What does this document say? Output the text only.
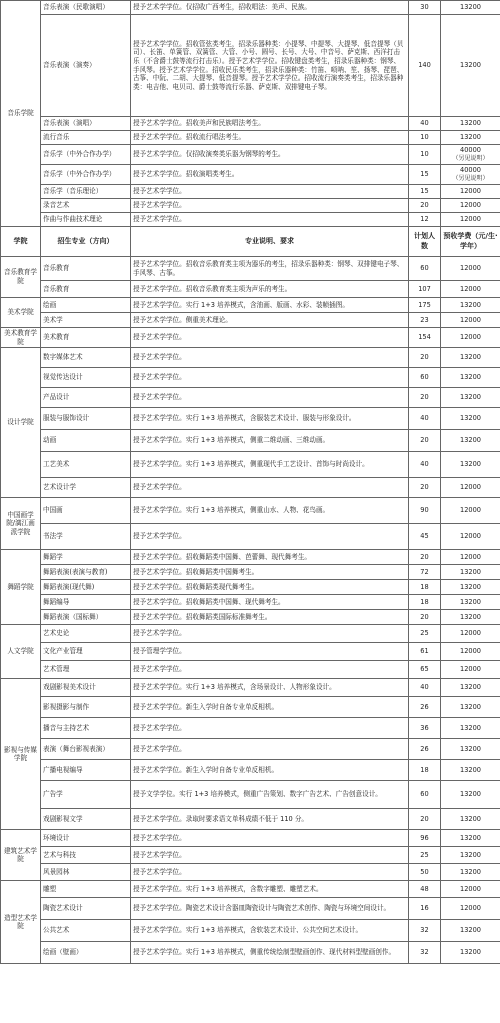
音乐学院	音乐表演（民歌演唱）	授予艺术学学位。仅招收广西考生，招收唱法：美声、民族。	30	13200

	音乐表演（演奏）	授予艺术学学位。招收管弦类考生，招录乐器种类：小提琴、中提琴、大提琴、低音提琴（贝司）、长笛、单簧管、双簧管、大管、小号、圆号、长号、大号、中音号、萨克斯、西洋打击乐（不含爵士鼓等流行打击乐）。授予艺术学学位。招收键盘类考生，招录乐器种类：钢琴、手风琴。授予艺术学学位。招收民乐类考生，招录乐器种类：竹笛、唢呐、笙、扬琴、琵琶、古筝、中阮、二胡、大提琴、低音提琴。授予艺术学学位。招收流行演奏类考生，招录乐器种类：电吉他、电贝司、爵士鼓等流行乐器、萨克斯、双排键电子琴。	140	13200

	音乐表演（演唱）	授予艺术学学位。招收美声和民族唱法考生。	40	13200

	流行音乐	授予艺术学学位。招收流行唱法考生。	10	13200

	音乐学（中外合作办学）	授予艺术学学位。仅招收演奏类乐器为钢琴的考生。	10	40000
（另见说明）

	音乐学（中外合作办学）	授予艺术学学位。招收演唱类考生。	15	40000
（另见说明）

	音乐学（音乐理论）	授予艺术学学位。	15	12000

	录音艺术	授予艺术学学位。	20	12000

	作曲与作曲技术理论	授予艺术学学位。	12	12000

学院	招生专业（方向）	专业说明、要求	计划人数	预收学费（元/生·学年）
音乐教育学院	音乐教育	授予艺术学学位。招收音乐教育类主项为器乐的考生，招录乐器种类：钢琴、双排键电子琴、手风琴、古筝。	60	12000

	音乐教育	授予艺术学学位。招收音乐教育类主项为声乐的考生。	107	12000

美术学院	绘画	授予艺术学学位。实行 1+3 培养模式，含油画、版画、水彩、装帧插图。	175	13200

	美术学	授予艺术学学位。侧重美术理论。	23	12000

美术教育学院	美术教育	授予艺术学学位。	154	12000

设计学院	数字媒体艺术	授予艺术学学位。	20	13200

	视觉传达设计	授予艺术学学位。	60	13200

	产品设计	授予艺术学学位。	20	13200

	服装与服饰设计	授予艺术学学位。实行 1+3 培养模式，含服装艺术设计、服装与形象设计。	40	13200

	动画	授予艺术学学位。实行 1+3 培养模式，侧重二维动画、三维动画。	20	13200

	工艺美术	授予艺术学学位。实行 1+3 培养模式，侧重现代手工艺设计、首饰与时尚设计。	40	13200

	艺术设计学	授予艺术学学位。	20	12000

中国画学院/漓江画派学院	中国画	授予艺术学学位。实行 1+3 培养模式，侧重山水、人物、花鸟画。	90	12000

	书法学	授予艺术学学位。	45	12000

舞蹈学院	舞蹈学	授予艺术学学位。招收舞蹈类中国舞、芭蕾舞、现代舞考生。	20	12000

	舞蹈表演(表演与教育)	授予艺术学学位。招收舞蹈类中国舞考生。	72	13200

	舞蹈表演(现代舞)	授予艺术学学位。招收舞蹈类现代舞考生。	18	13200

	舞蹈编导	授予艺术学学位。招收舞蹈类中国舞、现代舞考生。	18	13200

	舞蹈表演（国标舞）	授予艺术学学位。招收舞蹈类国际标准舞考生。	20	13200

人文学院	艺术史论	授予艺术学学位。	25	12000

	文化产业管理	授予管理学学位。	61	12000

	艺术管理	授予艺术学学位。	65	12000

影视与传媒学院	戏剧影视美术设计	授予艺术学学位。实行 1+3 培养模式，含场景设计、人物形象设计。	40	13200

	影视摄影与制作	授予艺术学学位。新生入学时自备专业单反相机。	26	13200

	播音与主持艺术	授予艺术学学位。	36	13200

	表演（舞台影视表演）	授予艺术学学位。	26	13200

	广播电视编导	授予艺术学学位。新生入学时自备专业单反相机。	18	13200

	广告学	授予文学学位。实行 1+3 培养模式，侧重广告策划、数字广告艺术、广告创意设计。	60	13200

	戏剧影视文学	授予艺术学学位。录取时要求语文单科成绩不低于 110 分。	20	13200

建筑艺术学院	环境设计	授予艺术学学位。	96	13200

	艺术与科技	授予艺术学学位。	25	13200

	风景园林	授予艺术学学位。	50	13200

造型艺术学院	雕塑	授予艺术学学位。实行 1+3 培养模式，含数字雕塑、雕塑艺术。	48	12000

	陶瓷艺术设计	授予艺术学学位。陶瓷艺术设计含器皿陶瓷设计与陶瓷艺术创作、陶瓷与环境空间设计。	16	12000

	公共艺术	授予艺术学学位。实行 1+3 培养模式，含软装艺术设计、公共空间艺术设计。	32	13200

	绘画（壁画）	授予艺术学学位。实行 1+3 培养模式，侧重传统绘制型壁画创作、现代材料型壁画创作。	32	13200
